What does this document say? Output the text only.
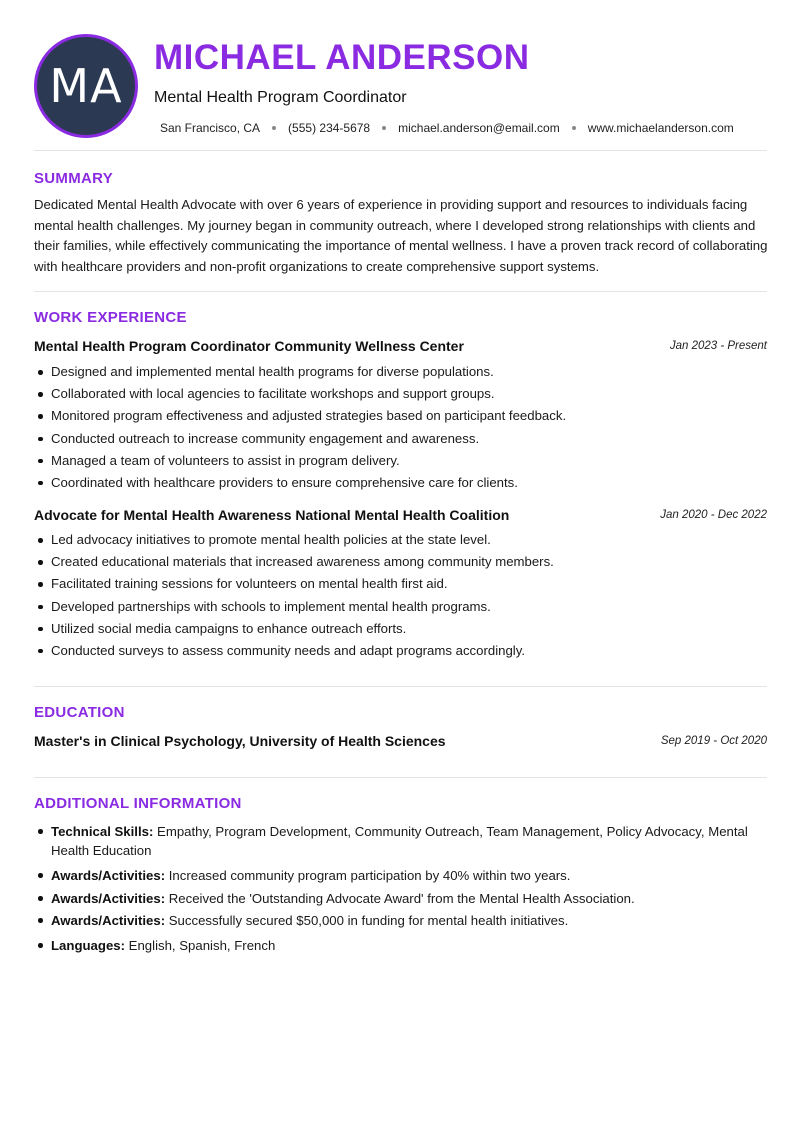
MA
MICHAEL ANDERSON
Mental Health Program Coordinator
San Francisco, CA (555) 234-5678 michael.anderson@email.com www.michaelanderson.com
SUMMARY
Dedicated Mental Health Advocate with over 6 years of experience in providing support and resources to individuals facing mental health challenges. My journey began in community outreach, where I developed strong relationships with clients and their families, while effectively communicating the importance of mental wellness. I have a proven track record of collaborating with healthcare providers and non-profit organizations to create comprehensive support systems.
WORK EXPERIENCE
Mental Health Program Coordinator Community Wellness Center	Jan 2023 - Present
Designed and implemented mental health programs for diverse populations.
Collaborated with local agencies to facilitate workshops and support groups.
Monitored program effectiveness and adjusted strategies based on participant feedback.
Conducted outreach to increase community engagement and awareness.
Managed a team of volunteers to assist in program delivery.
Coordinated with healthcare providers to ensure comprehensive care for clients.
Advocate for Mental Health Awareness National Mental Health Coalition	Jan 2020 - Dec 2022
Led advocacy initiatives to promote mental health policies at the state level.
Created educational materials that increased awareness among community members.
Facilitated training sessions for volunteers on mental health first aid.
Developed partnerships with schools to implement mental health programs.
Utilized social media campaigns to enhance outreach efforts.
Conducted surveys to assess community needs and adapt programs accordingly.
EDUCATION
Master's in Clinical Psychology, University of Health Sciences	Sep 2019 - Oct 2020
ADDITIONAL INFORMATION
Technical Skills: Empathy, Program Development, Community Outreach, Team Management, Policy Advocacy, Mental Health Education
Awards/Activities: Increased community program participation by 40% within two years.
Awards/Activities: Received the 'Outstanding Advocate Award' from the Mental Health Association.
Awards/Activities: Successfully secured $50,000 in funding for mental health initiatives.
Languages: English, Spanish, French
